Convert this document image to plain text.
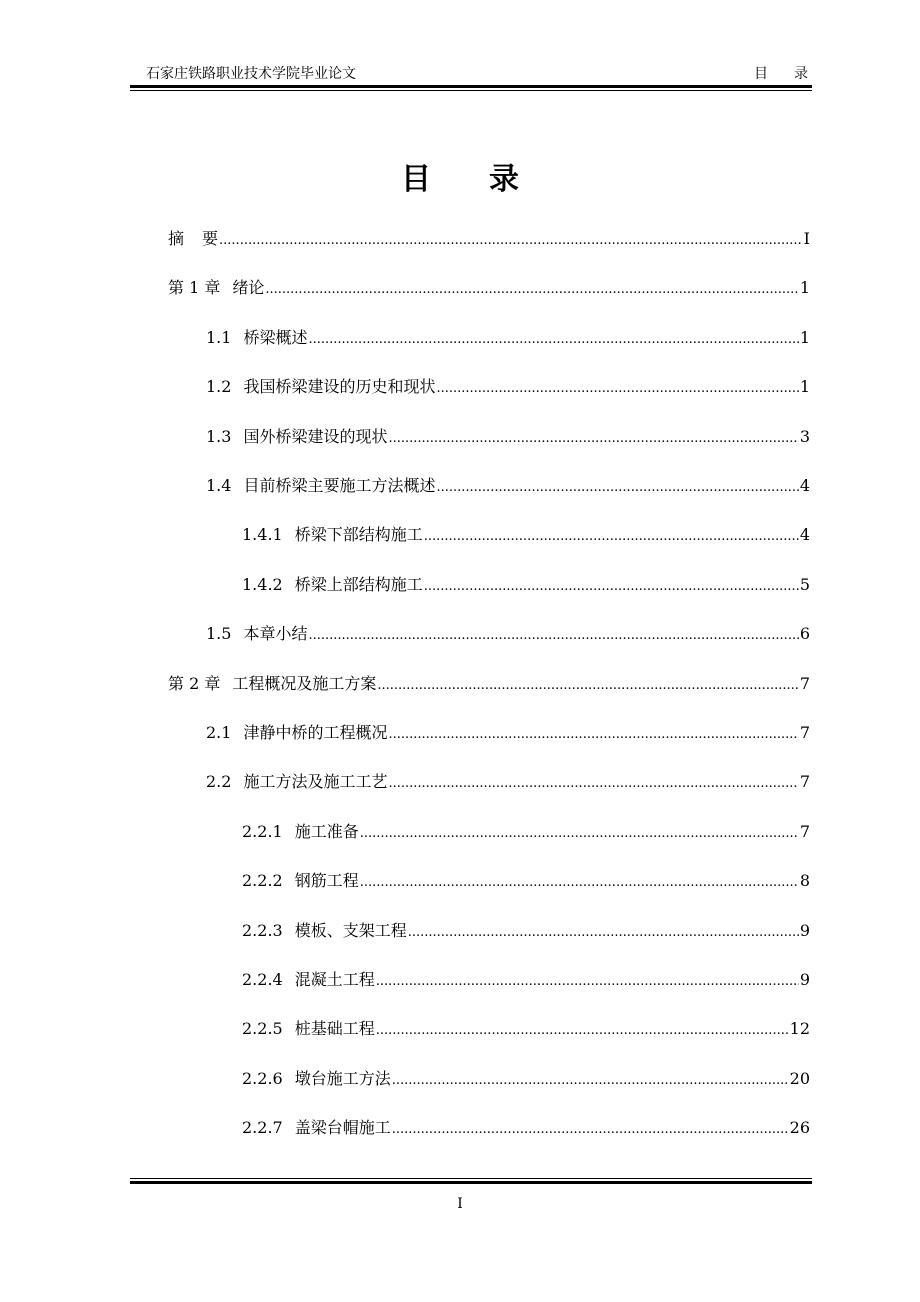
石家庄铁路职业技术学院毕业论文	目 录
目 录
摘 要 .....	I
第 1 章 绪论 .....	1
1.1 桥梁概述 .....	1
1.2 我国桥梁建设的历史和现状 .....	1
1.3 国外桥梁建设的现状 .....	3
1.4 目前桥梁主要施工方法概述 .....	4
1.4.1 桥梁下部结构施工 .....	4
1.4.2 桥梁上部结构施工 .....	5
1.5 本章小结 .....	6
第 2 章 工程概况及施工方案 .....	7
2.1 津静中桥的工程概况 .....	7
2.2 施工方法及施工工艺 .....	7
2.2.1 施工准备 .....	7
2.2.2 钢筋工程 .....	8
2.2.3 模板、支架工程 .....	9
2.2.4 混凝土工程 .....	9
2.2.5 桩基础工程 .....	12
2.2.6 墩台施工方法 .....	20
2.2.7 盖梁台帽施工 .....	26
I
